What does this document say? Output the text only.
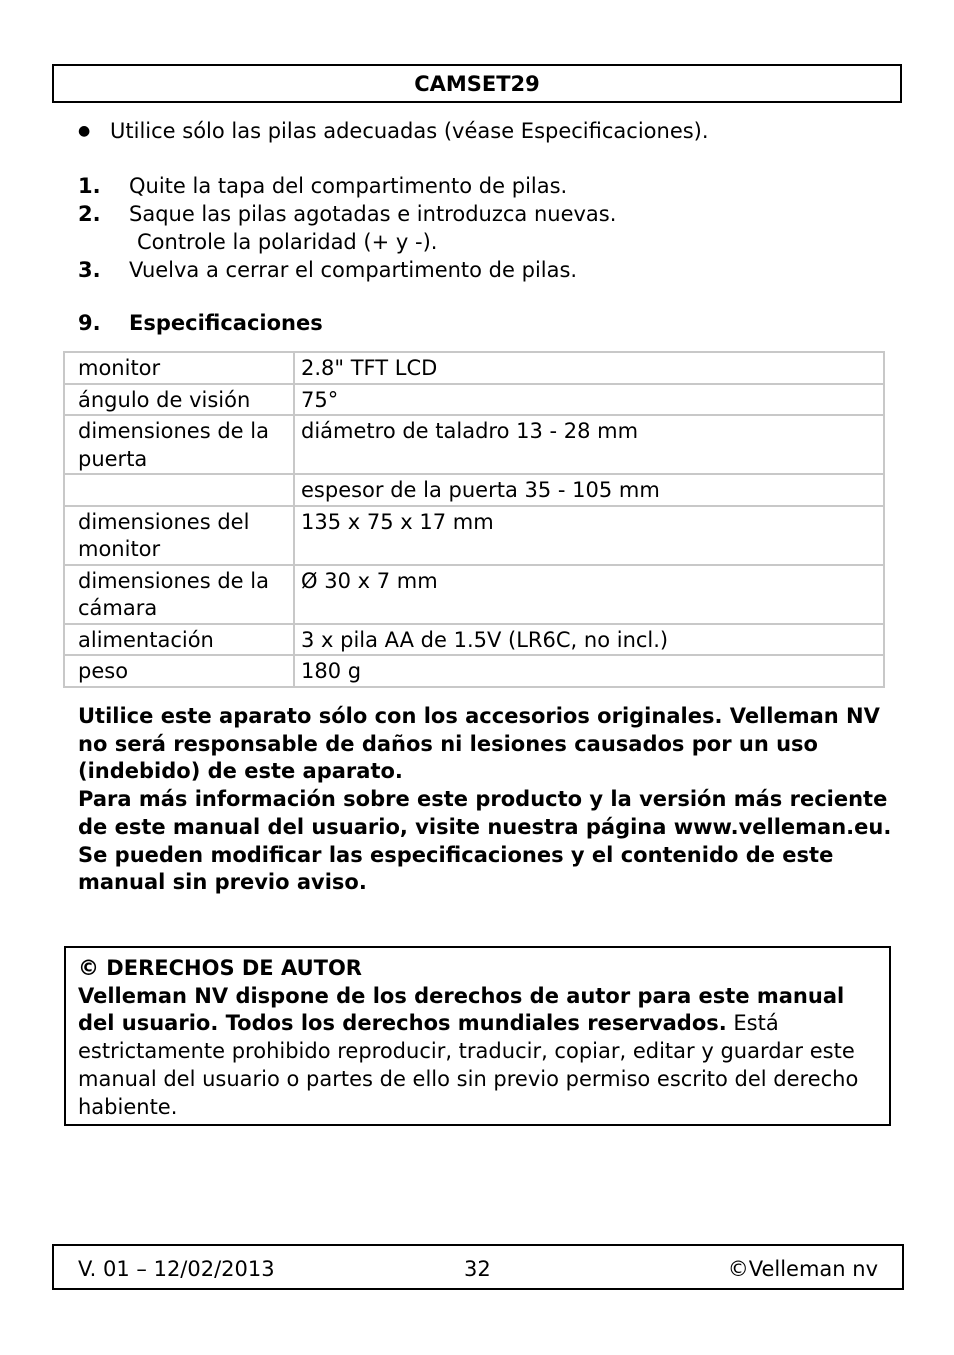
CAMSET29
● Utilice sólo las pilas adecuadas (véase Especificaciones).
1. Quite la tapa del compartimento de pilas.
2. Saque las pilas agotadas e introduzca nuevas.
Controle la polaridad (+ y -).
3. Vuelva a cerrar el compartimento de pilas.
9. Especificaciones
monitor	2.8" TFT LCD
ángulo de visión	75°
dimensiones de la puerta	diámetro de taladro 13 - 28 mm
	espesor de la puerta 35 - 105 mm
dimensiones del monitor	135 x 75 x 17 mm
dimensiones de la cámara	Ø 30 x 7 mm
alimentación	3 x pila AA de 1.5V (LR6C, no incl.)
peso	180 g

Utilice este aparato sólo con los accesorios originales. Velleman NV no será responsable de daños ni lesiones causados por un uso (indebido) de este aparato.

Para más información sobre este producto y la versión más reciente de este manual del usuario, visite nuestra página www.velleman.eu.

Se pueden modificar las especificaciones y el contenido de este manual sin previo aviso.

© DERECHOS DE AUTOR
Velleman NV dispone de los derechos de autor para este manual del usuario. Todos los derechos mundiales reservados. Está estrictamente prohibido reproducir, traducir, copiar, editar y guardar este manual del usuario o partes de ello sin previo permiso escrito del derecho habiente.
V. 01 – 12/02/2013	32	©Velleman nv
